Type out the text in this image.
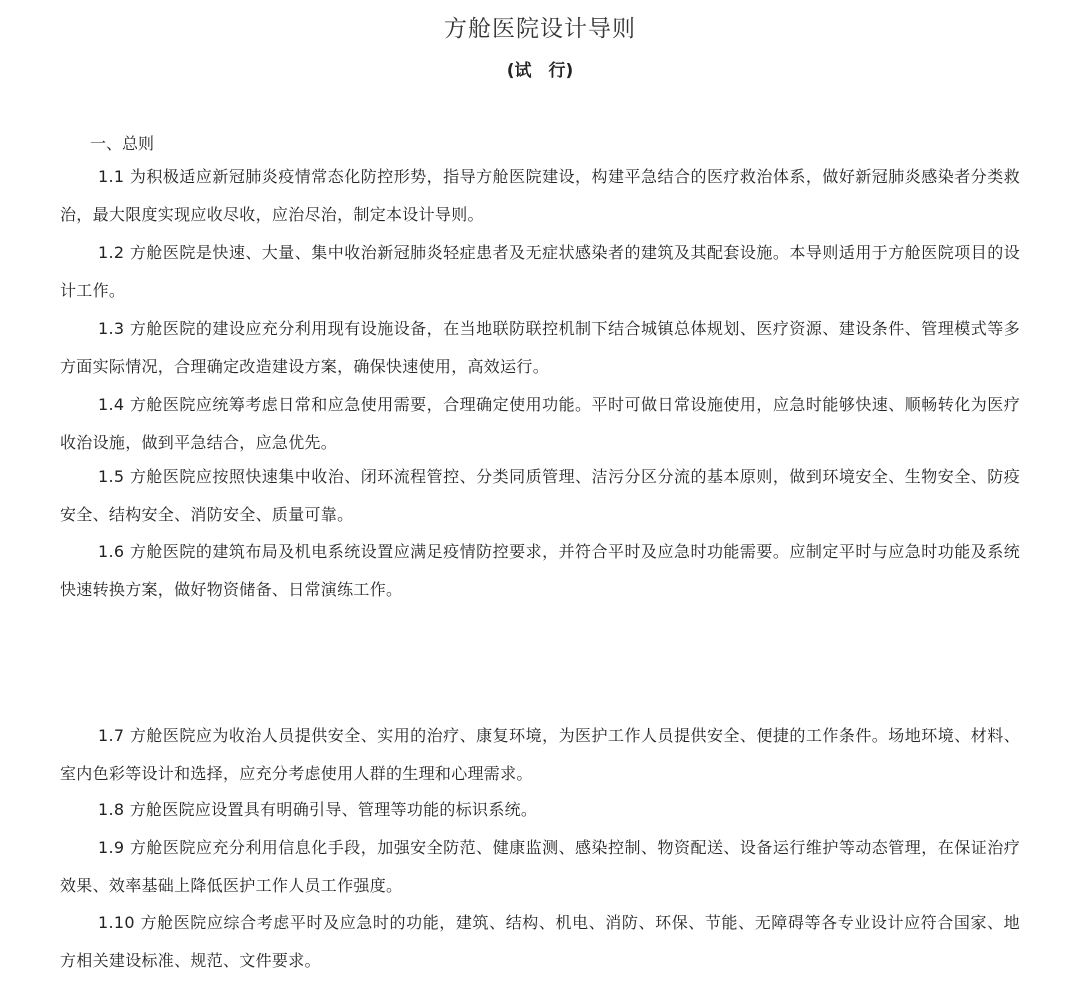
方舱医院设计导则
(试　行)
一、总则

1.1 为积极适应新冠肺炎疫情常态化防控形势，指导方舱医院建设，构建平急结合的医疗救治体系，做好新冠肺炎感染者分类救治，最大限度实现应收尽收，应治尽治，制定本设计导则。

1.2 方舱医院是快速、大量、集中收治新冠肺炎轻症患者及无症状感染者的建筑及其配套设施。本导则适用于方舱医院项目的设计工作。

1.3 方舱医院的建设应充分利用现有设施设备，在当地联防联控机制下结合城镇总体规划、医疗资源、建设条件、管理模式等多方面实际情况，合理确定改造建设方案，确保快速使用，高效运行。

1.4 方舱医院应统筹考虑日常和应急使用需要，合理确定使用功能。平时可做日常设施使用，应急时能够快速、顺畅转化为医疗收治设施，做到平急结合，应急优先。

1.5 方舱医院应按照快速集中收治、闭环流程管控、分类同质管理、洁污分区分流的基本原则，做到环境安全、生物安全、防疫安全、结构安全、消防安全、质量可靠。

1.6 方舱医院的建筑布局及机电系统设置应满足疫情防控要求，并符合平时及应急时功能需要。应制定平时与应急时功能及系统快速转换方案，做好物资储备、日常演练工作。

1.7 方舱医院应为收治人员提供安全、实用的治疗、康复环境，为医护工作人员提供安全、便捷的工作条件。场地环境、材料、室内色彩等设计和选择，应充分考虑使用人群的生理和心理需求。

1.8 方舱医院应设置具有明确引导、管理等功能的标识系统。

1.9 方舱医院应充分利用信息化手段，加强安全防范、健康监测、感染控制、物资配送、设备运行维护等动态管理，在保证治疗效果、效率基础上降低医护工作人员工作强度。

1.10 方舱医院应综合考虑平时及应急时的功能，建筑、结构、机电、消防、环保、节能、无障碍等各专业设计应符合国家、地方相关建设标准、规范、文件要求。
